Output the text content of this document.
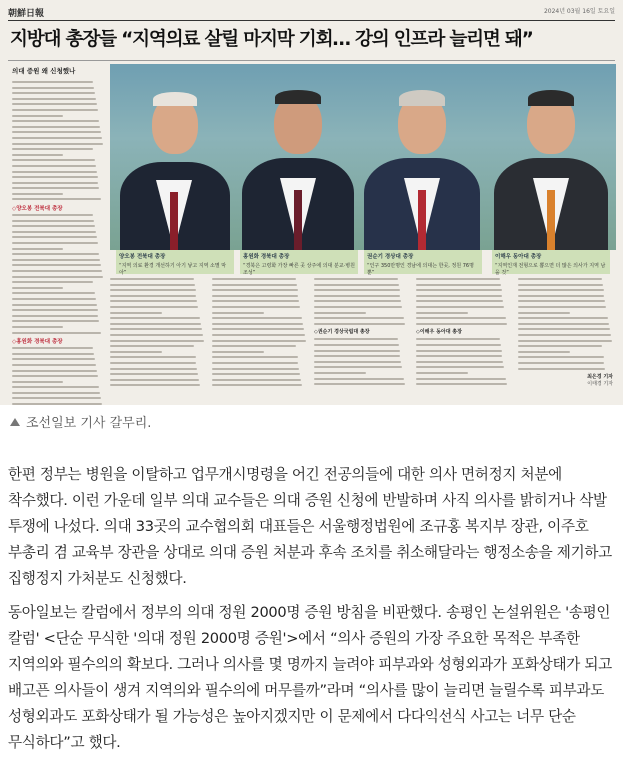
朝鮮日報	2024년 03월 16일 토요일
지방대 총장들 “지역의료 살릴 마지막 기회… 강의 인프라 늘리면 돼”
의대 증원 왜 신청했나
◇양오봉 전북대 총장
◇홍원화 경북대 총장
양오봉 전북대 총장
“지역 의료 환경 개선하기 아기 낳고 지역 소멸 막아”
홍원화 경북대 총장
“경북은 고령화 가장 빠른 곳 상주에 의대 분교·병원 조성”
권순기 경상대 총장
“인구 350만명인 경남에 의대는 한곳, 정원 76명뿐”
이해우 동아대 총장
“지역인재 전형으로 뽑으면 더 많은 의사가 지역 남을 것”
◇권순기 경상국립대 총장	◇이해우 동아대 총장
최은경 기자
이태경 기자
조선일보 기사 갈무리.

한편 정부는 병원을 이탈하고 업무개시명령을 어긴 전공의들에 대한 의사 면허정지 처분에 착수했다. 이런 가운데 일부 의대 교수들은 의대 증원 신청에 반발하며 사직 의사를 밝히거나 삭발 투쟁에 나섰다. 의대 33곳의 교수협의회 대표들은 서울행정법원에 조규홍 복지부 장관, 이주호 부총리 겸 교육부 장관을 상대로 의대 증원 처분과 후속 조치를 취소해달라는 행정소송을 제기하고 집행정지 가처분도 신청했다.

동아일보는 칼럼에서 정부의 의대 정원 2000명 증원 방침을 비판했다. 송평인 논설위원은 '송평인 칼럼' <단순 무식한 '의대 정원 2000명 증원'>에서 “의사 증원의 가장 주요한 목적은 부족한 지역의와 필수의의 확보다. 그러나 의사를 몇 명까지 늘려야 피부과와 성형외과가 포화상태가 되고 배고픈 의사들이 생겨 지역의와 필수의에 머무를까”라며 “의사를 많이 늘리면 늘릴수록 피부과도 성형외과도 포화상태가 될 가능성은 높아지겠지만 이 문제에서 다다익선식 사고는 너무 단순 무식하다”고 했다.
